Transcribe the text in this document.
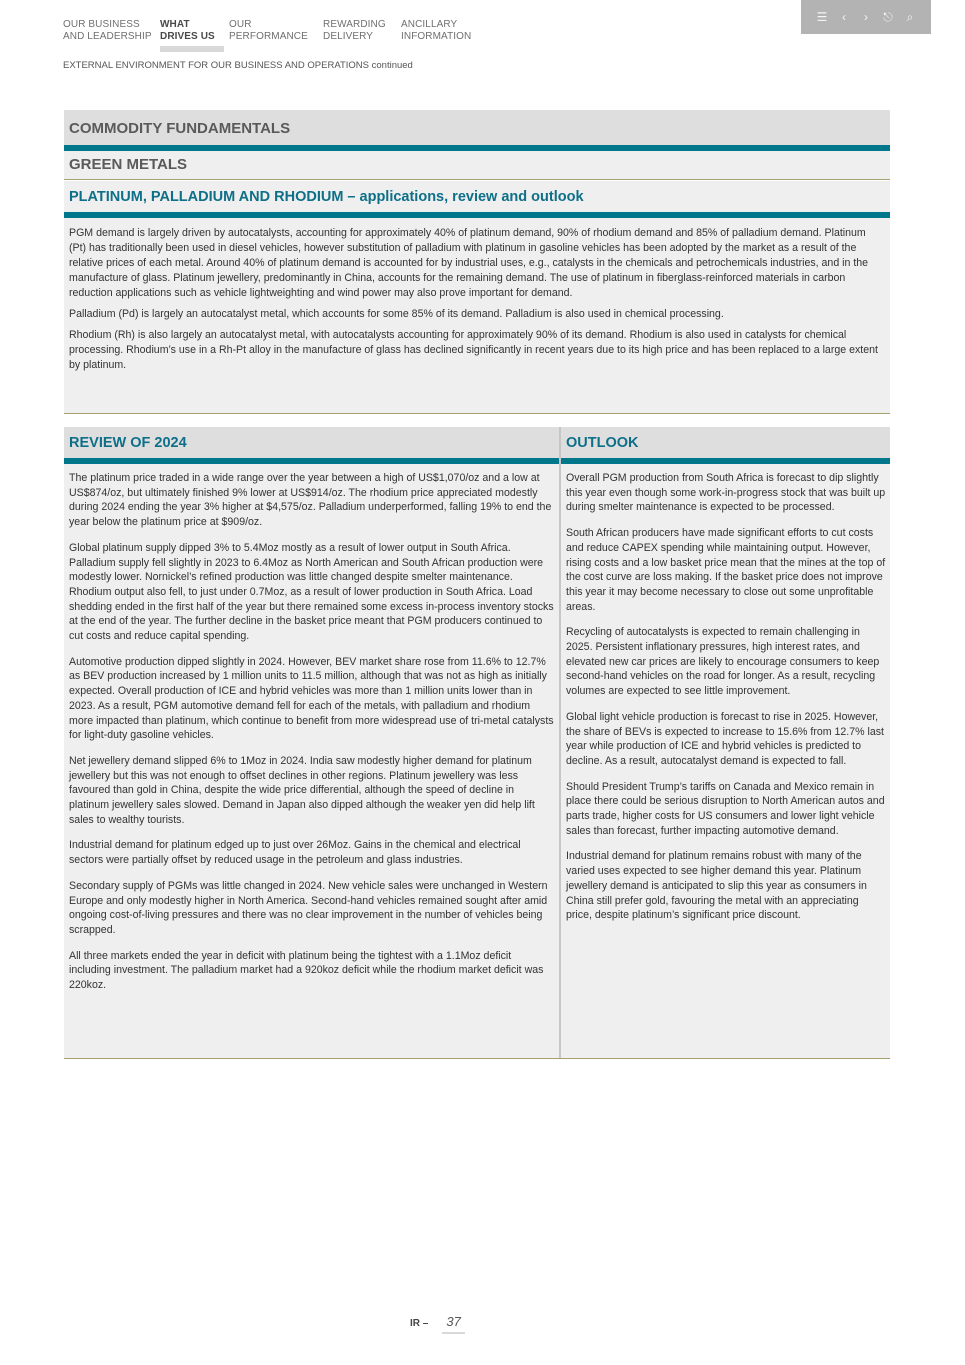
OUR BUSINESS
AND LEADERSHIP
WHAT
DRIVES US
OUR
PERFORMANCE
REWARDING
DELIVERY
ANCILLARY
INFORMATION
☰	‹	›	⎋ ⌕
EXTERNAL ENVIRONMENT FOR OUR BUSINESS AND OPERATIONS continued
COMMODITY FUNDAMENTALS
GREEN METALS
PLATINUM, PALLADIUM AND RHODIUM – applications, review and outlook

PGM demand is largely driven by autocatalysts, accounting for approximately 40% of platinum demand, 90% of rhodium demand and 85% of palladium demand. Platinum (Pt) has traditionally been used in diesel vehicles, however substitution of palladium with platinum in gasoline vehicles has been adopted by the market as a result of the relative prices of each metal. Around 40% of platinum demand is accounted for by industrial uses, e.g., catalysts in the chemicals and petrochemicals industries, and in the manufacture of glass. Platinum jewellery, predominantly in China, accounts for the remaining demand. The use of platinum in fiberglass-reinforced materials in carbon reduction applications such as vehicle lightweighting and wind power may also prove important for demand.

Palladium (Pd) is largely an autocatalyst metal, which accounts for some 85% of its demand. Palladium is also used in chemical processing.

Rhodium (Rh) is also largely an autocatalyst metal, with autocatalysts accounting for approximately 90% of its demand. Rhodium is also used in catalysts for chemical processing. Rhodium’s use in a Rh-Pt alloy in the manufacture of glass has declined significantly in recent years due to its high price and has been replaced to a large extent by platinum.

REVIEW OF 2024	OUTLOOK

The platinum price traded in a wide range over the year between a high of US$1,070/oz and a low at US$874/oz, but ultimately finished 9% lower at US$914/oz. The rhodium price appreciated modestly during 2024 ending the year 3% higher at $4,575/oz. Palladium underperformed, falling 19% to end the year below the platinum price at $909/oz.

Global platinum supply dipped 3% to 5.4Moz mostly as a result of lower output in South Africa. Palladium supply fell slightly in 2023 to 6.4Moz as North American and South African production were modestly lower. Nornickel’s refined production was little changed despite smelter maintenance. Rhodium output also fell, to just under 0.7Moz, as a result of lower production in South Africa. Load shedding ended in the first half of the year but there remained some excess in-process inventory stocks at the end of the year. The further decline in the basket price meant that PGM producers continued to cut costs and reduce capital spending.

Automotive production dipped slightly in 2024. However, BEV market share rose from 11.6% to 12.7% as BEV production increased by 1 million units to 11.5 million, although that was not as high as initially expected. Overall production of ICE and hybrid vehicles was more than 1 million units lower than in 2023. As a result, PGM automotive demand fell for each of the metals, with palladium and rhodium more impacted than platinum, which continue to benefit from more widespread use of tri-metal catalysts for light-duty gasoline vehicles.

Net jewellery demand slipped 6% to 1Moz in 2024. India saw modestly higher demand for platinum jewellery but this was not enough to offset declines in other regions. Platinum jewellery was less favoured than gold in China, despite the wide price differential, although the speed of decline in platinum jewellery sales slowed. Demand in Japan also dipped although the weaker yen did help lift sales to wealthy tourists.

Industrial demand for platinum edged up to just over 26Moz. Gains in the chemical and electrical sectors were partially offset by reduced usage in the petroleum and glass industries.

Secondary supply of PGMs was little changed in 2024. New vehicle sales were unchanged in Western Europe and only modestly higher in North America. Second-hand vehicles remained sought after amid ongoing cost-of-living pressures and there was no clear improvement in the number of vehicles being scrapped.

All three markets ended the year in deficit with platinum being the tightest with a 1.1Moz deficit including investment. The palladium market had a 920koz deficit while the rhodium market deficit was 220koz.

Overall PGM production from South Africa is forecast to dip slightly this year even though some work-in-progress stock that was built up during smelter maintenance is expected to be processed.

South African producers have made significant efforts to cut costs and reduce CAPEX spending while maintaining output. However, rising costs and a low basket price mean that the mines at the top of the cost curve are loss making. If the basket price does not improve this year it may become necessary to close out some unprofitable areas.

Recycling of autocatalysts is expected to remain challenging in 2025. Persistent inflationary pressures, high interest rates, and elevated new car prices are likely to encourage consumers to keep second-hand vehicles on the road for longer. As a result, recycling volumes are expected to see little improvement.

Global light vehicle production is forecast to rise in 2025. However, the share of BEVs is expected to increase to 15.6% from 12.7% last year while production of ICE and hybrid vehicles is predicted to decline. As a result, autocatalyst demand is expected to fall.

Should President Trump’s tariffs on Canada and Mexico remain in place there could be serious disruption to North American autos and parts trade, higher costs for US consumers and lower light vehicle sales than forecast, further impacting automotive demand.

Industrial demand for platinum remains robust with many of the varied uses expected to see higher demand this year. Platinum jewellery demand is anticipated to slip this year as consumers in China still prefer gold, favouring the metal with an appreciating price, despite platinum’s significant price discount.

IR –	37
